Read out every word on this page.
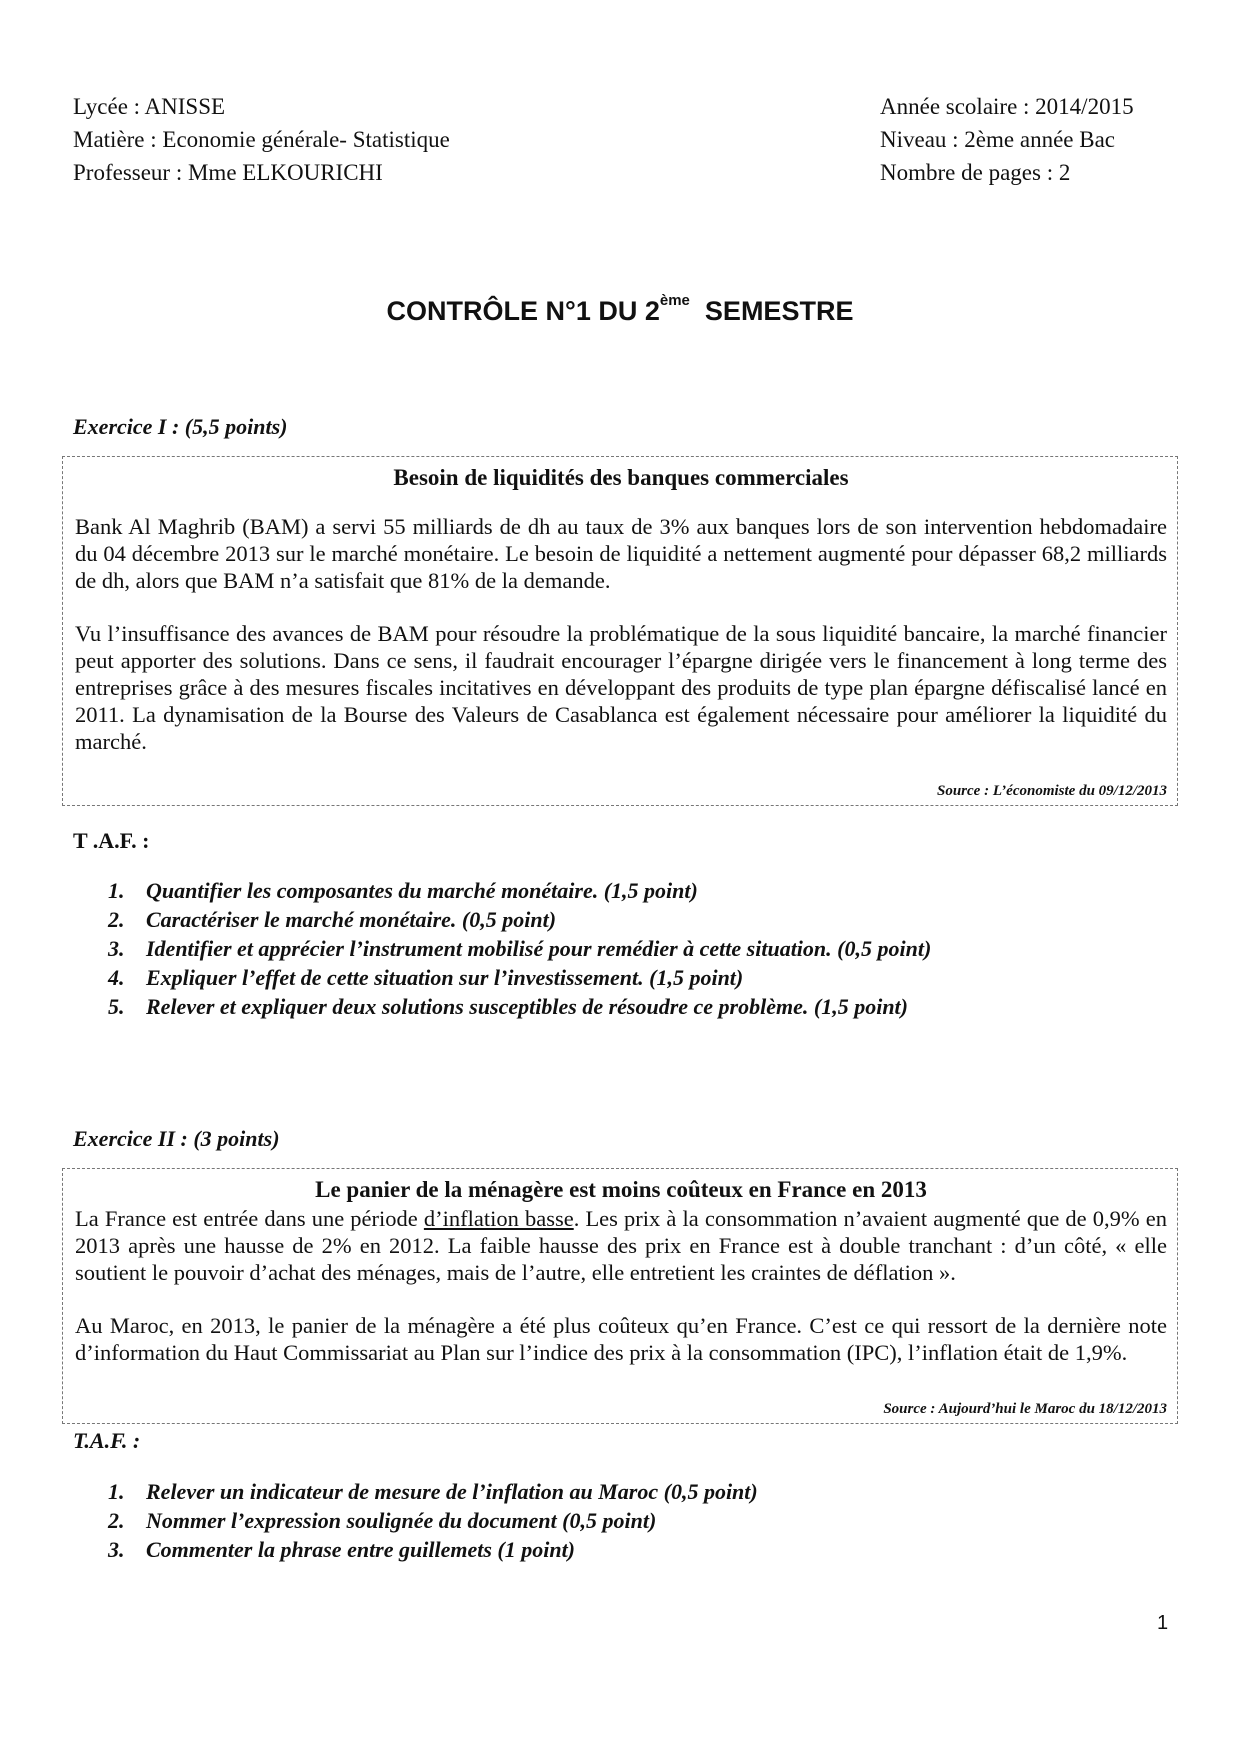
Lycée : ANISSE
Matière : Economie générale- Statistique
Professeur : Mme ELKOURICHI
Année scolaire : 2014/2015
Niveau : 2ème année Bac
Nombre de pages : 2
CONTRÔLE N°1 DU 2ème SEMESTRE
Exercice I : (5,5 points)
Besoin de liquidités des banques commerciales

Bank Al Maghrib (BAM) a servi 55 milliards de dh au taux de 3% aux banques lors de son intervention hebdomadaire du 04 décembre 2013 sur le marché monétaire. Le besoin de liquidité a nettement augmenté pour dépasser 68,2 milliards de dh, alors que BAM n’a satisfait que 81% de la demande.

Vu l’insuffisance des avances de BAM pour résoudre la problématique de la sous liquidité bancaire, la marché financier peut apporter des solutions. Dans ce sens, il faudrait encourager l’épargne dirigée vers le financement à long terme des entreprises grâce à des mesures fiscales incitatives en développant des produits de type plan épargne défiscalisé lancé en 2011. La dynamisation de la Bourse des Valeurs de Casablanca est également nécessaire pour améliorer la liquidité du marché.

Source : L’économiste du 09/12/2013
T .A.F. :
1. Quantifier les composantes du marché monétaire. (1,5 point)
2. Caractériser le marché monétaire. (0,5 point)
3. Identifier et apprécier l’instrument mobilisé pour remédier à cette situation. (0,5 point)
4. Expliquer l’effet de cette situation sur l’investissement. (1,5 point)
5. Relever et expliquer deux solutions susceptibles de résoudre ce problème. (1,5 point)
Exercice II : (3 points)
Le panier de la ménagère est moins coûteux en France en 2013

La France est entrée dans une période d’inflation basse. Les prix à la consommation n’avaient augmenté que de 0,9% en 2013 après une hausse de 2% en 2012. La faible hausse des prix en France est à double tranchant : d’un côté, « elle soutient le pouvoir d’achat des ménages, mais de l’autre, elle entretient les craintes de déflation ».

Au Maroc, en 2013, le panier de la ménagère a été plus coûteux qu’en France. C’est ce qui ressort de la dernière note d’information du Haut Commissariat au Plan sur l’indice des prix à la consommation (IPC), l’inflation était de 1,9%.

Source : Aujourd’hui le Maroc du 18/12/2013
T.A.F. :
1. Relever un indicateur de mesure de l’inflation au Maroc (0,5 point)
2. Nommer l’expression soulignée du document (0,5 point)
3. Commenter la phrase entre guillemets (1 point)
1
